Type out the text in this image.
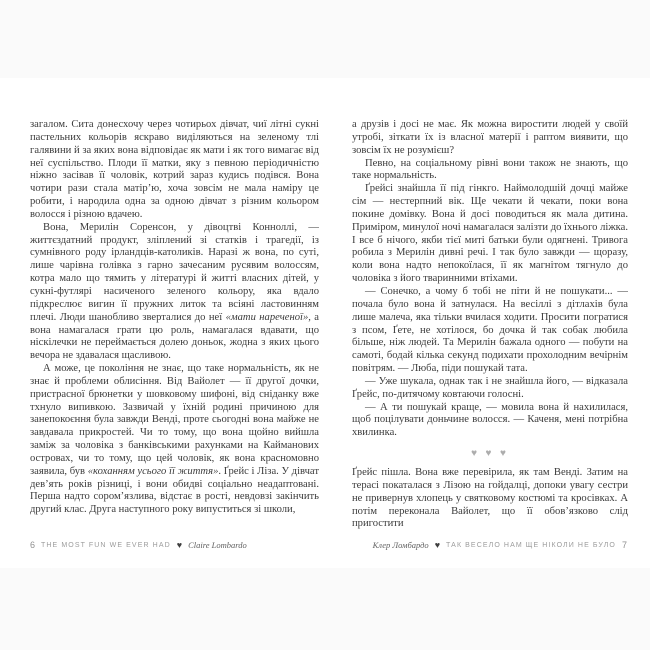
загалом. Сита донесхочу через чотирьох дівчат, чиї літні сукні пастельних кольорів яскраво виділяються на зеленому тлі галявини й за яких вона відповідає як мати і як того вимагає від неї суспільство. Плоди її матки, яку з певною періодичністю ніжно засівав її чоловік, котрий зараз кудись подівся. Вона чотири рази стала матір’ю, хоча зовсім не мала наміру це робити, і народила одна за одною дівчат з різним кольором волосся і різною вдачею.

Вона, Мерилін Соренсон, у дівоцтві Конноллі, — життєздатний продукт, зліплений зі статків і трагедії, із сумнівного роду ірландців-католиків. Наразі ж вона, по суті, лише чарівна голівка з гарно зачесаним русявим волоссям, котра мало що тямить у літературі й житті власних дітей, у сукні-футлярі насиченого зеленого кольору, яка вдало підкреслює вигин її пружних литок та всіяні ластовинням плечі. Люди шанобливо зверталися до неї «мати нареченої», а вона намагалася грати цю роль, намагалася вдавати, що ніскілечки не переймається долею доньок, жодна з яких цього вечора не здавалася щасливою.

А може, це покоління не знає, що таке нормальність, як не знає й проблеми облисіння. Від Вайолет — її другої дочки, пристрасної брюнетки у шовковому шифоні, від сніданку вже тхнуло випивкою. Зазвичай у їхній родині причиною для занепокоєння була завжди Венді, проте сьогодні вона майже не завдавала прикростей. Чи то тому, що вона щойно вийшла заміж за чоловіка з банківськими рахунками на Кайманових островах, чи то тому, що цей чоловік, як вона красномовно заявила, був «коханням усього її життя». Ґрейс і Ліза. У дівчат дев’ять років різниці, і вони обидві соціально неадаптовані. Перша надто сором’язлива, відстає в рості, невдовзі закінчить другий клас. Друга наступного року випуститься зі школи,

а друзів і досі не має. Як можна виростити людей у своїй утробі, зіткати їх із власної матерії і раптом виявити, що зовсім їх не розумієш?

Певно, на соціальному рівні вони також не знають, що таке нормальність.

Ґрейсі знайшла її під гінкго. Наймолодшій дочці майже сім — нестерпний вік. Ще чекати й чекати, поки вона покине домівку. Вона й досі поводиться як мала дитина. Приміром, минулої ночі намагалася залізти до їхнього ліжка. І все б нічого, якби тієї миті батьки були одягнені. Тривога робила з Мерилін дивні речі. І так було завжди — щоразу, коли вона надто непокоїлася, її як магнітом тягнуло до чоловіка з його тваринними втіхами.

— Сонечко, а чому б тобі не піти й не пошукати... — почала було вона й затнулася. На весіллі з дітлахів була лише малеча, яка тільки вчилася ходити. Просити погратися з псом, Ґете, не хотілося, бо дочка й так собак любила більше, ніж людей. Та Мерилін бажала одного — побути на самоті, бодай кілька секунд подихати прохолодним вечірнім повітрям. — Люба, піди пошукай тата.

— Уже шукала, однак так і не знайшла його, — відказала Ґрейс, по-дитячому ковтаючи голосні.

— А ти пошукай краще, — мовила вона й нахилилася, щоб поцілувати доньчине волосся. — Каченя, мені потрібна хвилинка.

♥ ♥ ♥

Ґрейс пішла. Вона вже перевірила, як там Венді. Затим на терасі покаталася з Лізою на гойдалці, допоки увагу сестри не привернув хлопець у святковому костюмі та кросівках. А потім переконала Вайолет, що її обов’язково слід пригостити

6 THE MOST FUN WE EVER HAD ♥ Claire Lombardo	Клер Ломбардо ♥ ТАК ВЕСЕЛО НАМ ЩЕ НІКОЛИ НЕ БУЛО 7
